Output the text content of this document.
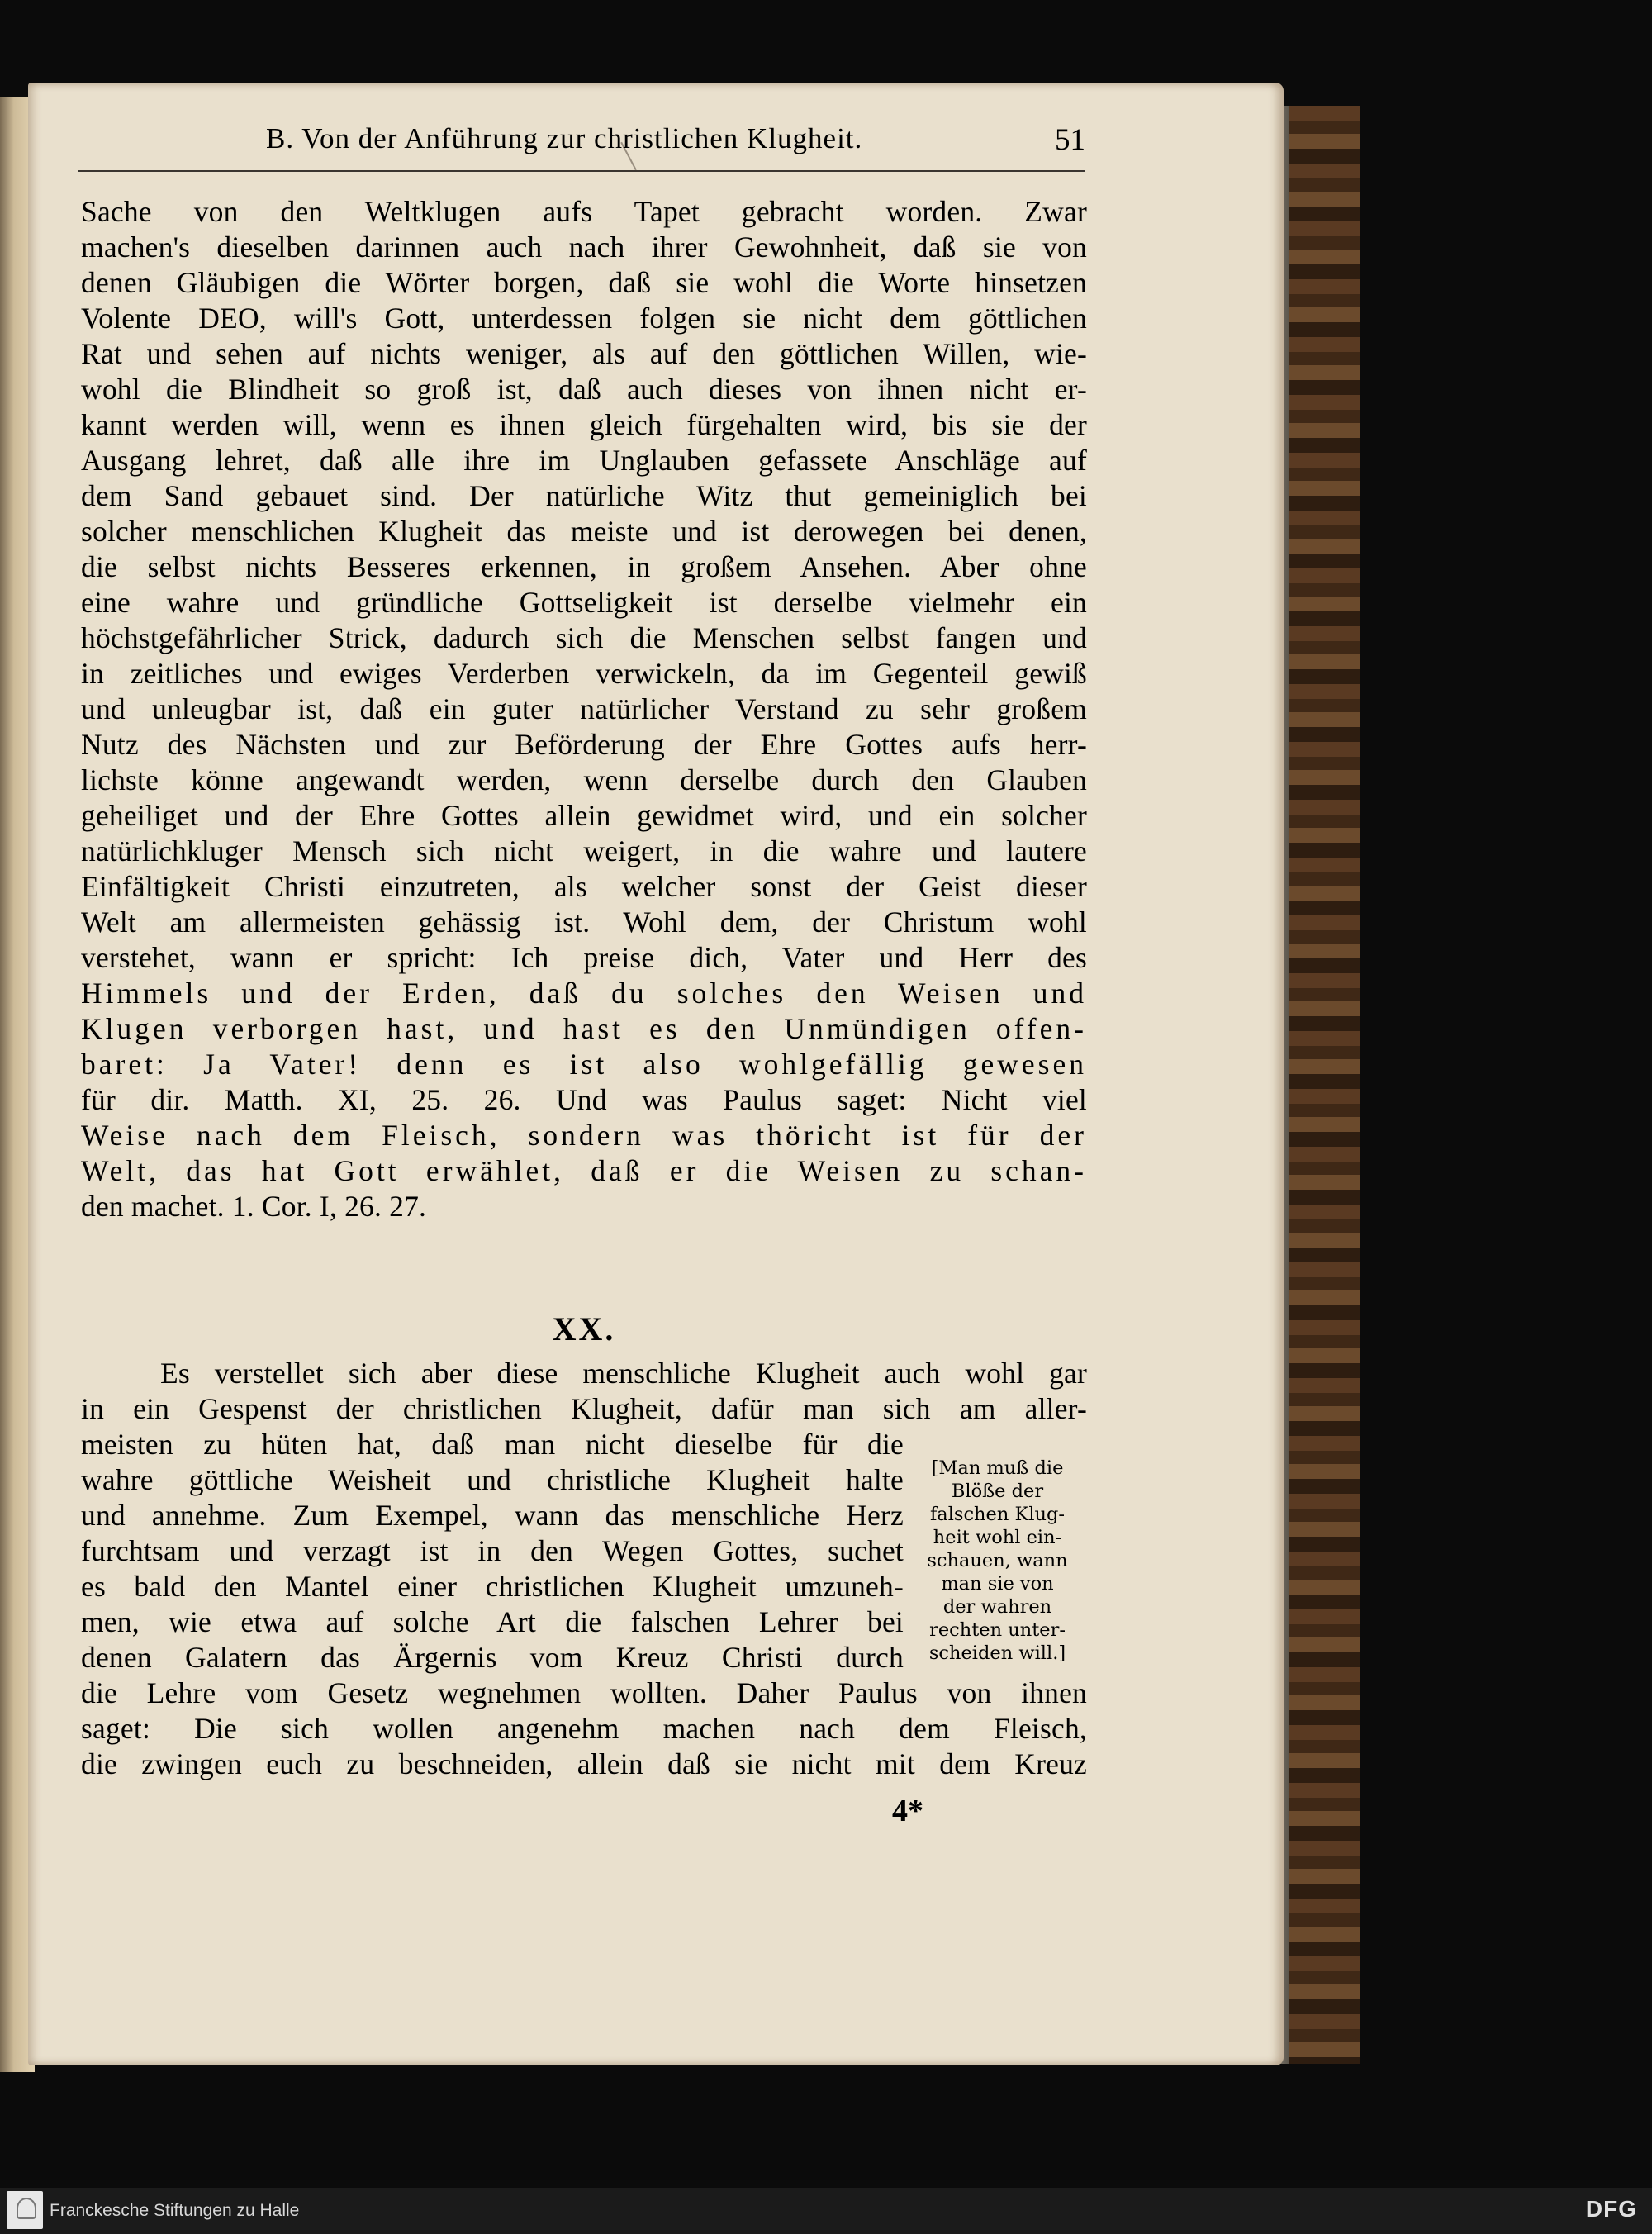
B. Von der Anführung zur christlichen Klugheit.	51
Sache von den Weltklugen aufs Tapet gebracht worden. Zwar
machen's dieselben darinnen auch nach ihrer Gewohnheit, daß sie von
denen Gläubigen die Wörter borgen, daß sie wohl die Worte hinsetzen
Volente DEO, will's Gott, unterdessen folgen sie nicht dem göttlichen
Rat und sehen auf nichts weniger, als auf den göttlichen Willen, wie-
wohl die Blindheit so groß ist, daß auch dieses von ihnen nicht er-
kannt werden will, wenn es ihnen gleich fürgehalten wird, bis sie der
Ausgang lehret, daß alle ihre im Unglauben gefassete Anschläge auf
dem Sand gebauet sind. Der natürliche Witz thut gemeiniglich bei
solcher menschlichen Klugheit das meiste und ist derowegen bei denen,
die selbst nichts Besseres erkennen, in großem Ansehen. Aber ohne
eine wahre und gründliche Gottseligkeit ist derselbe vielmehr ein
höchstgefährlicher Strick, dadurch sich die Menschen selbst fangen und
in zeitliches und ewiges Verderben verwickeln, da im Gegenteil gewiß
und unleugbar ist, daß ein guter natürlicher Verstand zu sehr großem
Nutz des Nächsten und zur Beförderung der Ehre Gottes aufs herr-
lichste könne angewandt werden, wenn derselbe durch den Glauben
geheiliget und der Ehre Gottes allein gewidmet wird, und ein solcher
natürlichkluger Mensch sich nicht weigert, in die wahre und lautere
Einfältigkeit Christi einzutreten, als welcher sonst der Geist dieser
Welt am allermeisten gehässig ist. Wohl dem, der Christum wohl
verstehet, wann er spricht: Ich preise dich, Vater und Herr des
Himmels und der Erden, daß du solches den Weisen und
Klugen verborgen hast, und hast es den Unmündigen offen-
baret: Ja Vater! denn es ist also wohlgefällig gewesen
für dir. Matth. XI, 25. 26. Und was Paulus saget: Nicht viel
Weise nach dem Fleisch, sondern was thöricht ist für der
Welt, das hat Gott erwählet, daß er die Weisen zu schan-
den machet. 1. Cor. I, 26. 27.
XX.
Es verstellet sich aber diese menschliche Klugheit auch wohl gar
in ein Gespenst der christlichen Klugheit, dafür man sich am aller-
meisten zu hüten hat, daß man nicht dieselbe für die
wahre göttliche Weisheit und christliche Klugheit halte
und annehme. Zum Exempel, wann das menschliche Herz
furchtsam und verzagt ist in den Wegen Gottes, suchet
es bald den Mantel einer christlichen Klugheit umzuneh-
men, wie etwa auf solche Art die falschen Lehrer bei
denen Galatern das Ärgernis vom Kreuz Christi durch
die Lehre vom Gesetz wegnehmen wollten. Daher Paulus von ihnen
saget: Die sich wollen angenehm machen nach dem Fleisch,
die zwingen euch zu beschneiden, allein daß sie nicht mit dem Kreuz
[Man muß die
Blöße der
falschen Klug-
heit wohl ein-
schauen, wann
man sie von
der wahren
rechten unter-
scheiden will.]
4*
Franckesche Stiftungen zu Halle	DFG
